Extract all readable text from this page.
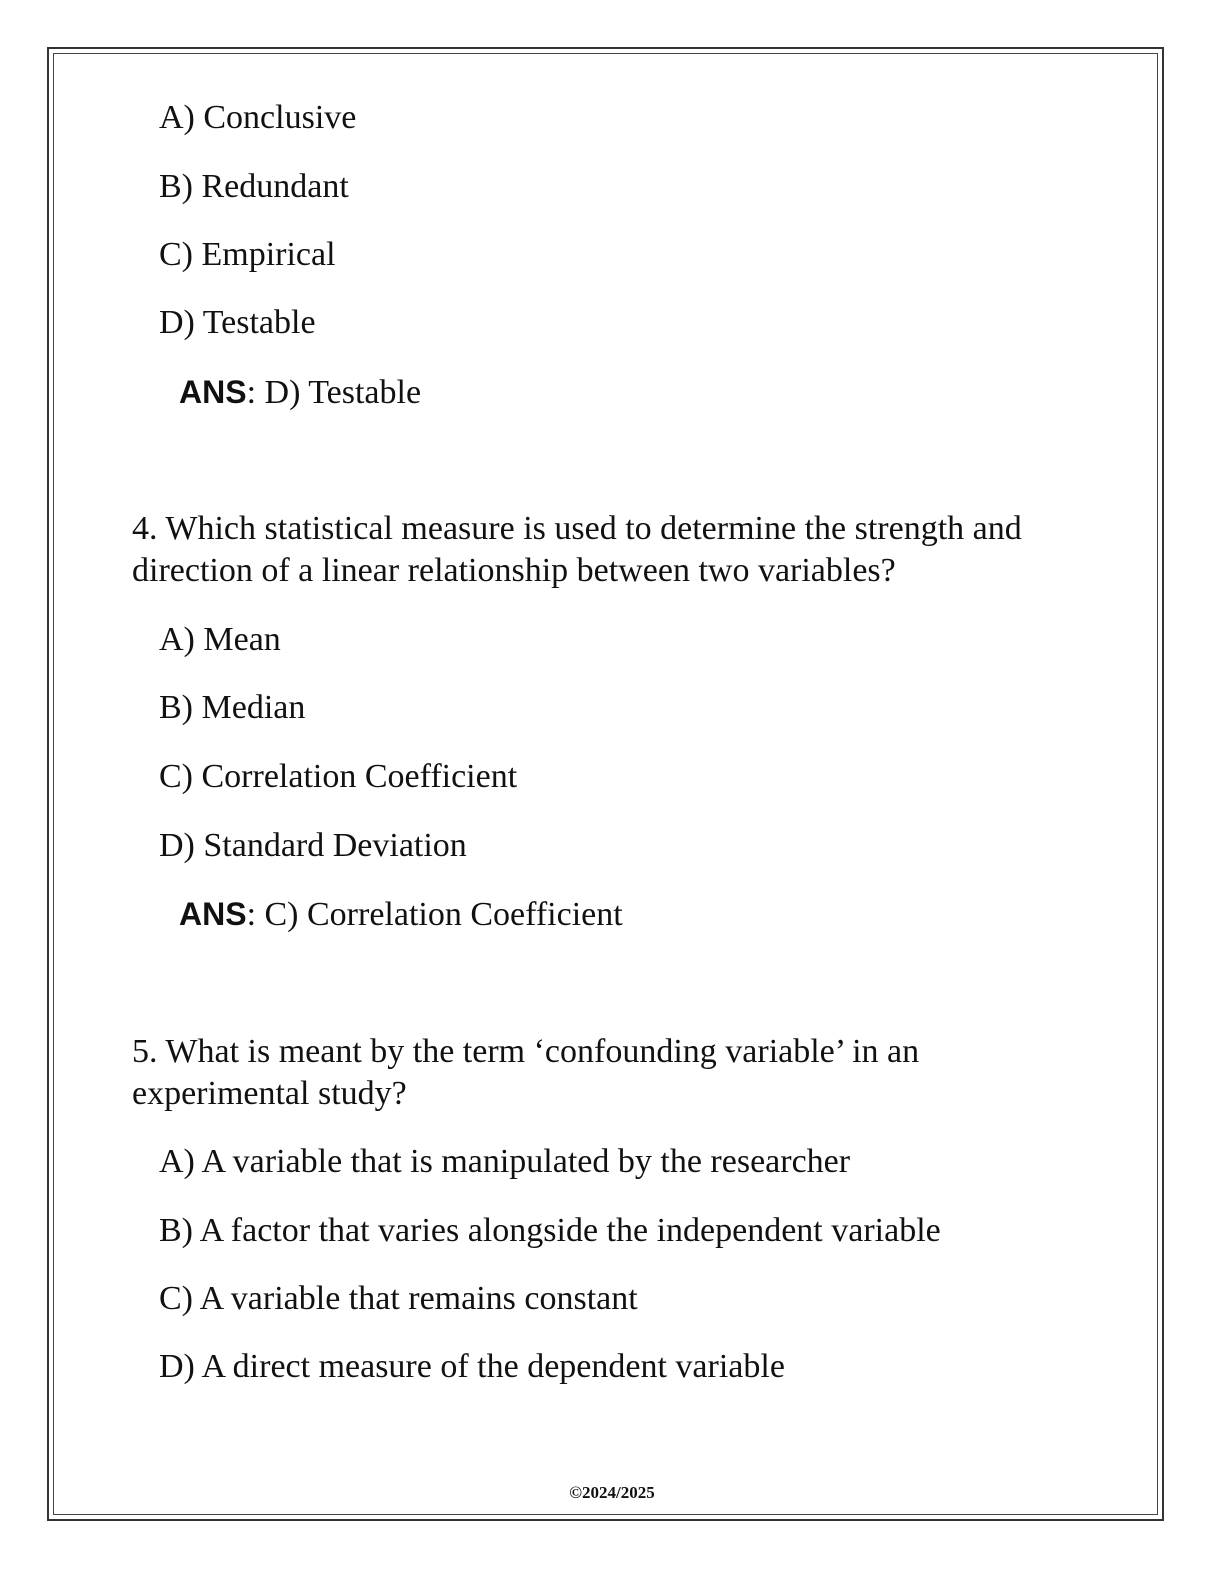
A) Conclusive
B) Redundant
C) Empirical
D) Testable
ANS: D) Testable
4. Which statistical measure is used to determine the strength and
direction of a linear relationship between two variables?
A) Mean
B) Median
C) Correlation Coefficient
D) Standard Deviation
ANS: C) Correlation Coefficient
5. What is meant by the term ‘confounding variable’ in an
experimental study?
A) A variable that is manipulated by the researcher
B) A factor that varies alongside the independent variable
C) A variable that remains constant
D) A direct measure of the dependent variable
©2024/2025
